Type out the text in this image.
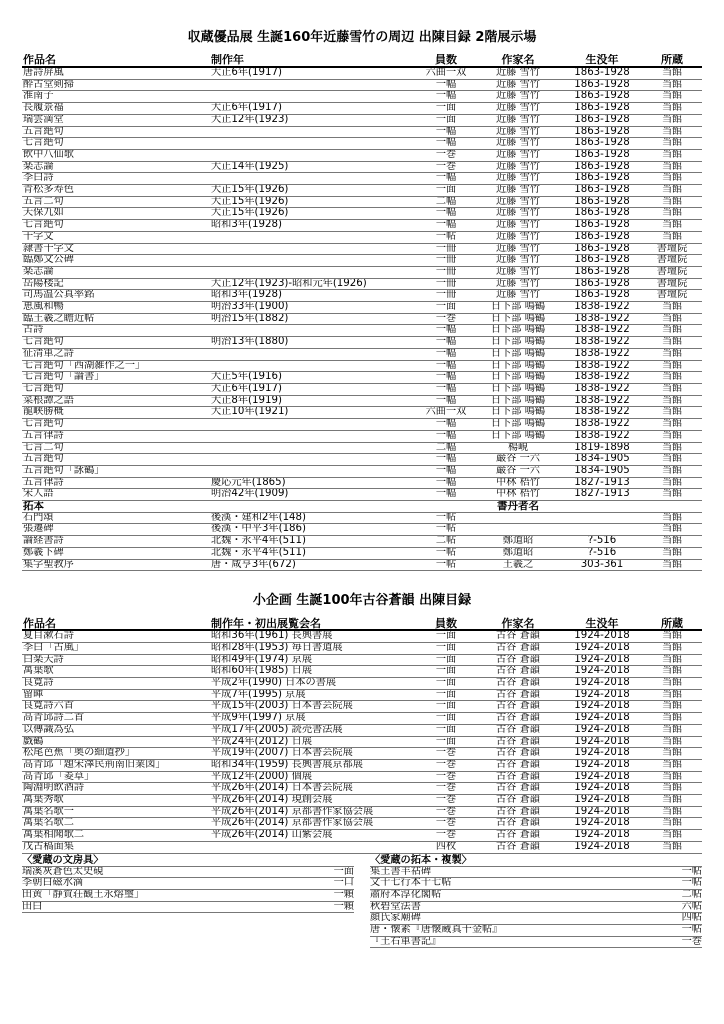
収蔵優品展 生誕160年近藤雪竹の周辺 出陳目録 2階展示場
作品名	制作年	員数	作家名	生没年	所蔵
唐詩屏風	大正6年(1917)	六曲一双	近藤 雪竹	1863-1928	当館
酔古堂剣掃		一幅	近藤 雪竹	1863-1928	当館
淮南子		一幅	近藤 雪竹	1863-1928	当館
長履景福	大正6年(1917)	一面	近藤 雪竹	1863-1928	当館
瑞雲満堂	大正12年(1923)	一面	近藤 雪竹	1863-1928	当館
五言絶句		一幅	近藤 雪竹	1863-1928	当館
七言絶句		一幅	近藤 雪竹	1863-1928	当館
飲中八仙歌		一巻	近藤 雪竹	1863-1928	当館
楽志論	大正14年(1925)	一巻	近藤 雪竹	1863-1928	当館
李白詩		一幅	近藤 雪竹	1863-1928	当館
青松多寿色	大正15年(1926)	一面	近藤 雪竹	1863-1928	当館
五言二句	大正15年(1926)	二幅	近藤 雪竹	1863-1928	当館
天保九如	大正15年(1926)	一幅	近藤 雪竹	1863-1928	当館
七言絶句	昭和3年(1928)	一幅	近藤 雪竹	1863-1928	当館
千字文		一帖	近藤 雪竹	1863-1928	当館
隷書千字文		一冊	近藤 雪竹	1863-1928	書壇院
臨鄭文公碑		一冊	近藤 雪竹	1863-1928	書壇院
楽志論		一冊	近藤 雪竹	1863-1928	書壇院
岳陽楼記	大正12年(1923)-昭和元年(1926)	一冊	近藤 雪竹	1863-1928	書壇院
司馬温公真率銘	昭和3年(1928)	一冊	近藤 雪竹	1863-1928	書壇院
恵風和暢	明治33年(1900)	一面	日下部 鳴鶴	1838-1922	当館
臨王羲之瞻近帖	明治15年(1882)	一巻	日下部 鳴鶴	1838-1922	当館
古詩		一幅	日下部 鳴鶴	1838-1922	当館
七言絶句	明治13年(1880)	一幅	日下部 鳴鶴	1838-1922	当館
征清軍之詩		一幅	日下部 鳴鶴	1838-1922	当館
七言絶句「西湖雑作之一」		一幅	日下部 鳴鶴	1838-1922	当館
七言絶句「論書」	大正5年(1916)	一幅	日下部 鳴鶴	1838-1922	当館
七言絶句	大正6年(1917)	一幅	日下部 鳴鶴	1838-1922	当館
菜根譚之語	大正8年(1919)	一幅	日下部 鳴鶴	1838-1922	当館
龍峡勝概	大正10年(1921)	六曲一双	日下部 鳴鶴	1838-1922	当館
七言絶句		一幅	日下部 鳴鶴	1838-1922	当館
五言律詩		一幅	日下部 鳴鶴	1838-1922	当館
七言二句		二幅	楊峴	1819-1898	当館
五言絶句		一幅	巌谷 一六	1834-1905	当館
五言絶句「詠鶴」		一幅	巌谷 一六	1834-1905	当館
五言律詩	慶応元年(1865)	一幅	中林 梧竹	1827-1913	当館
宋人語	明治42年(1909)	一幅	中林 梧竹	1827-1913	当館
拓本			書丹者名		
石門頌	後漢・建和2年(148)	一帖			当館
張遷碑	後漢・中平3年(186)	一帖			当館
論経書詩	北魏・永平4年(511)	二帖	鄭道昭	?-516	当館
鄭羲下碑	北魏・永平4年(511)	一帖	鄭道昭	?-516	当館
集字聖教序	唐・咸亨3年(672)	一帖	王羲之	303-361	当館
小企画 生誕100年古谷蒼韻 出陳目録
作品名	制作年・初出展覧会名	員数	作家名	生没年	所蔵
夏目漱石詩	昭和36年(1961) 長興書展	一面	古谷 蒼韻	1924-2018	当館
李白「古風」	昭和28年(1953) 毎日書道展	一面	古谷 蒼韻	1924-2018	当館
白楽天詩	昭和49年(1974) 京展	一面	古谷 蒼韻	1924-2018	当館
萬葉歌	昭和60年(1985) 日展	一面	古谷 蒼韻	1924-2018	当館
良寛詩	平成2年(1990) 日本の書展	一面	古谷 蒼韻	1924-2018	当館
留暉	平成7年(1995) 京展	一面	古谷 蒼韻	1924-2018	当館
良寛詩六首	平成15年(2003) 日本書芸院展	一面	古谷 蒼韻	1924-2018	当館
高青邱詩二首	平成9年(1997) 京展	一面	古谷 蒼韻	1924-2018	当館
以傳識為弘	平成17年(2005) 読売書法展	一面	古谷 蒼韻	1924-2018	当館
戯鶴	平成24年(2012) 日展	一面	古谷 蒼韻	1924-2018	当館
松尾芭蕉「奥の細道抄」	平成19年(2007) 日本書芸院展	一巻	古谷 蒼韻	1924-2018	当館
高青邱「題宋澤民荊南旧業図」	昭和34年(1959) 長興書展京都展	一巻	古谷 蒼韻	1924-2018	当館
高青邱「菱草」	平成12年(2000) 個展	一巻	古谷 蒼韻	1924-2018	当館
陶淵明飲酒詩	平成26年(2014) 日本書芸院展	一巻	古谷 蒼韻	1924-2018	当館
萬葉秀歌	平成26年(2014) 現創会展	一巻	古谷 蒼韻	1924-2018	当館
萬葉名歌一	平成26年(2014) 京都書作家協会展	一巻	古谷 蒼韻	1924-2018	当館
萬葉名歌二	平成26年(2014) 京都書作家協会展	一巻	古谷 蒼韻	1924-2018	当館
萬葉相聞歌二	平成26年(2014) 山紫会展	一巻	古谷 蒼韻	1924-2018	当館
戊古稿面集		四枚	古谷 蒼韻	1924-2018	当館
〈愛蔵の文房具〉
瑞溪灰蒼色太史硯	一面
李朝白磁水滴	一口
田黄「静賀荘観王永熔璽」	一顆
田白	一顆
〈愛蔵の拓本・複製〉
集王書羊祜碑	一帖
文十七行本十七帖	一帖
肅府本淳化閣帖	二帖
秋碧堂法書	六帖
顔氏家廟碑	四帖
唐・懐素『唐懐蔵真千金帖』	一帖
『王右軍書記』	一巻
